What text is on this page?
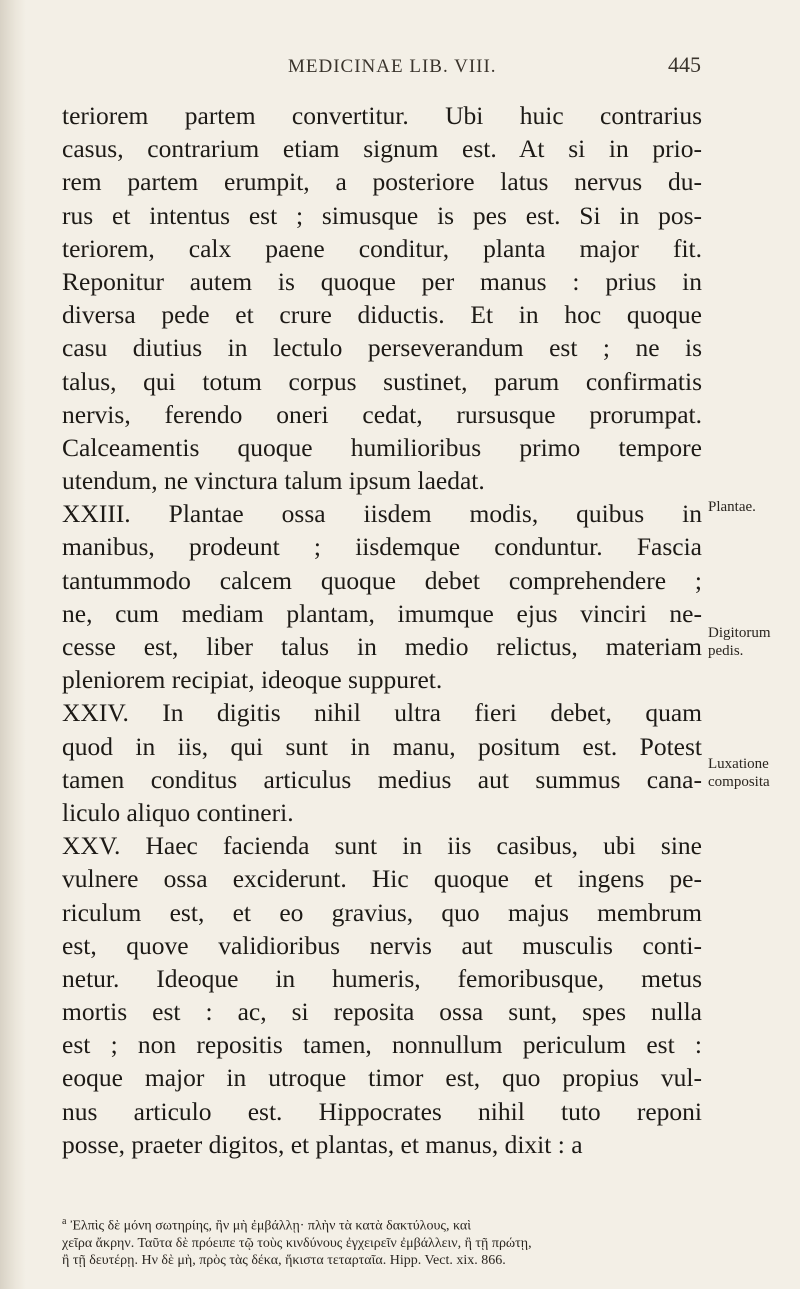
MEDICINAE LIB. VIII.	445
teriorem partem convertitur. Ubi huic contrarius
casus, contrarium etiam signum est. At si in prio-
rem partem erumpit, a posteriore latus nervus du-
rus et intentus est ; simusque is pes est. Si in pos-
teriorem, calx paene conditur, planta major fit.
Reponitur autem is quoque per manus : prius in
diversa pede et crure diductis. Et in hoc quoque
casu diutius in lectulo perseverandum est ; ne is
talus, qui totum corpus sustinet, parum confirmatis
nervis, ferendo oneri cedat, rursusque prorumpat.
Calceamentis quoque humilioribus primo tempore
utendum, ne vinctura talum ipsum laedat.
XXIII. Plantae ossa iisdem modis, quibus in
manibus, prodeunt ; iisdemque conduntur. Fascia
tantummodo calcem quoque debet comprehendere ;
ne, cum mediam plantam, imumque ejus vinciri ne-
cesse est, liber talus in medio relictus, materiam
pleniorem recipiat, ideoque suppuret.
XXIV. In digitis nihil ultra fieri debet, quam
quod in iis, qui sunt in manu, positum est. Potest
tamen conditus articulus medius aut summus cana-
liculo aliquo contineri.
XXV. Haec facienda sunt in iis casibus, ubi sine
vulnere ossa exciderunt. Hic quoque et ingens pe-
riculum est, et eo gravius, quo majus membrum
est, quove validioribus nervis aut musculis conti-
netur. Ideoque in humeris, femoribusque, metus
mortis est : ac, si reposita ossa sunt, spes nulla
est ; non repositis tamen, nonnullum periculum est :
eoque major in utroque timor est, quo propius vul-
nus articulo est. Hippocrates nihil tuto reponi
posse, praeter digitos, et plantas, et manus, dixit : a
Plantae.
Digitorum
pedis.
Luxatione
composita
$^a$ Ἐλπὶς δὲ μόνη σωτηρίης, ἢν μὴ ἐμβάλλῃ· πλὴν τὰ κατὰ δακτύλους, καὶ
χεῖρα ἄκρην. Ταῦτα δὲ πρόειπε τῷ τοὺς κινδύνους ἐγχειρεῖν ἐμβάλλειν, ἢ τῇ πρώτῃ,
ἢ τῇ δευτέρῃ. Ην δὲ μὴ, πρὸς τὰς δέκα, ἥκιστα τεταρταῖα. Hipp. Vect. xix. 866.
